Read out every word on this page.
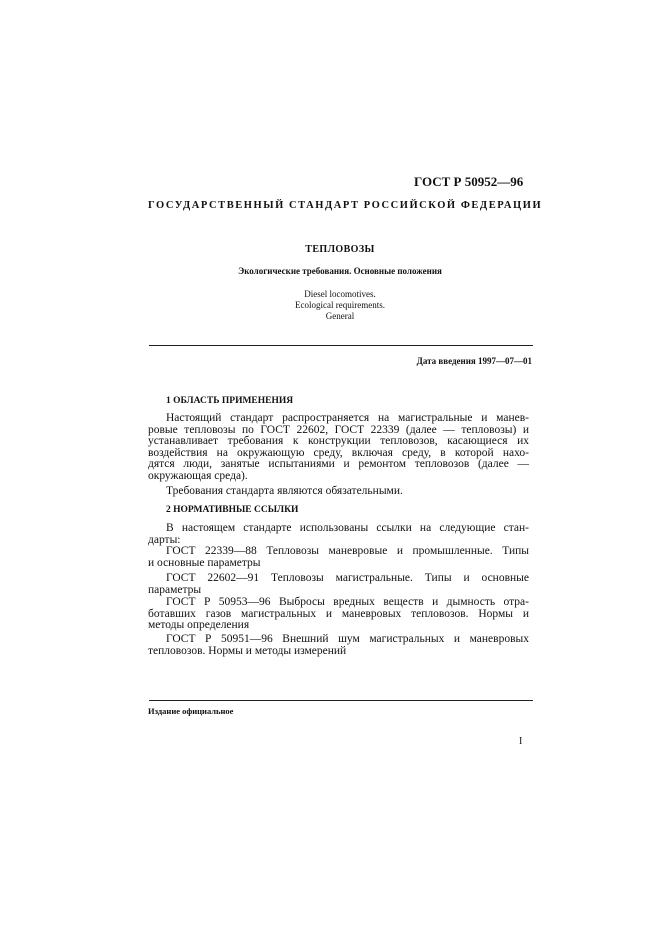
ГОСТ Р 50952—96
ГОСУДАРСТВЕННЫЙ СТАНДАРТ РОССИЙСКОЙ ФЕДЕРАЦИИ
ТЕПЛОВОЗЫ
Экологические требования. Основные положения
Diesel locomotives.
Ecological requirements.
General
Дата введения 1997—07—01
1 ОБЛАСТЬ ПРИМЕНЕНИЯ
Настоящий стандарт распространяется на магистральные и манев-
ровые тепловозы по ГОСТ 22602, ГОСТ 22339 (далее — тепловозы) и
устанавливает требования к конструкции тепловозов, касающиеся их
воздействия на окружающую среду, включая среду, в которой нахо-
дятся люди, занятые испытаниями и ремонтом тепловозов (далее —
окружающая среда).
Требования стандарта являются обязательными.
2 НОРМАТИВНЫЕ ССЫЛКИ
В настоящем стандарте использованы ссылки на следующие стан-
дарты:
ГОСТ 22339—88 Тепловозы маневровые и промышленные. Типы
и основные параметры
ГОСТ 22602—91 Тепловозы магистральные. Типы и основные
параметры
ГОСТ Р 50953—96 Выбросы вредных веществ и дымность отра-
ботавших газов магистральных и маневровых тепловозов. Нормы и
методы определения
ГОСТ Р 50951—96 Внешний шум магистральных и маневровых
тепловозов. Нормы и методы измерений
Издание официальное
I
